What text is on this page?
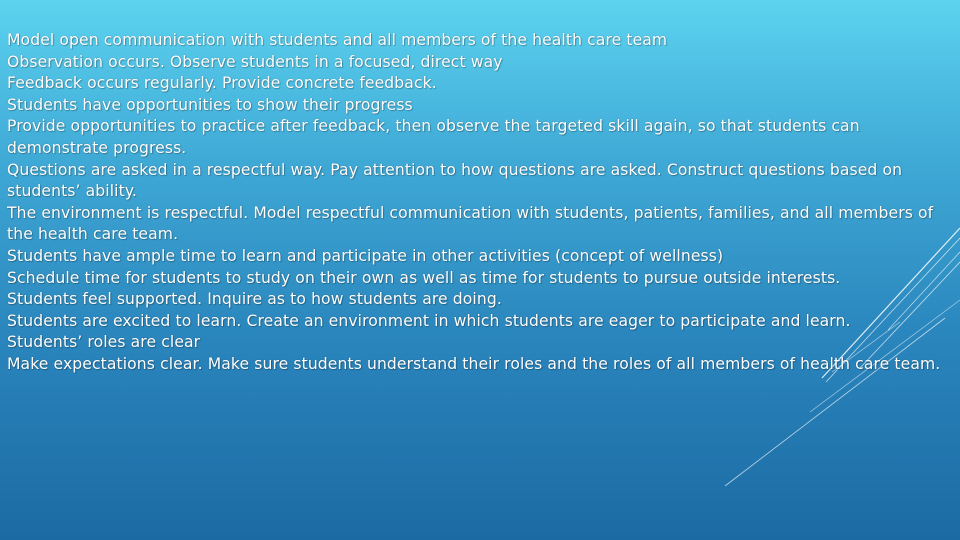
Model open communication with students and all members of the health care team
Observation occurs. Observe students in a focused, direct way
Feedback occurs regularly. Provide concrete feedback.
Students have opportunities to show their progress
Provide opportunities to practice after feedback, then observe the targeted skill again, so that students can demonstrate progress.
Questions are asked in a respectful way. Pay attention to how questions are asked. Construct questions based on students’ ability.
The environment is respectful. Model respectful communication with students, patients, families, and all members of the health care team.
Students have ample time to learn and participate in other activities (concept of wellness)
Schedule time for students to study on their own as well as time for students to pursue outside interests.
Students feel supported. Inquire as to how students are doing.
Students are excited to learn. Create an environment in which students are eager to participate and learn.
Students’ roles are clear
Make expectations clear. Make sure students understand their roles and the roles of all members of health care team.
